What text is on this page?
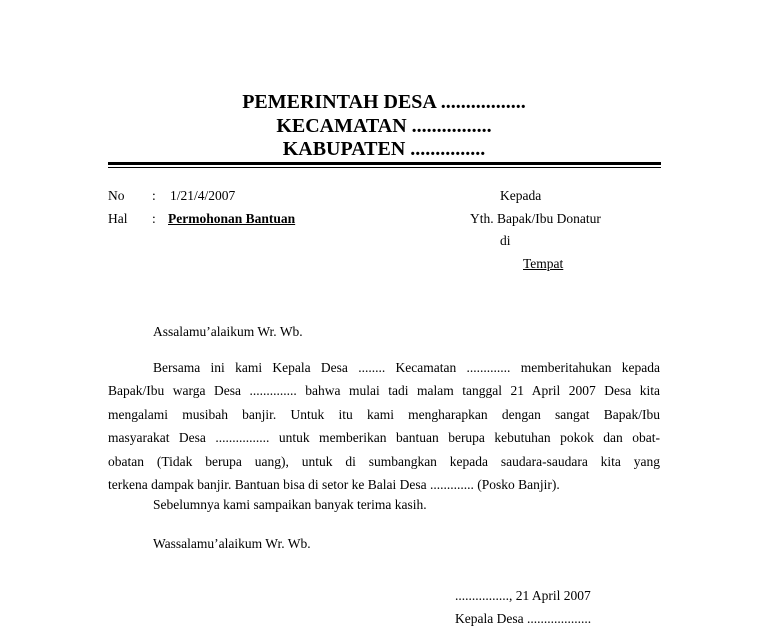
PEMERINTAH DESA .................
KECAMATAN ................
KABUPATEN ...............
No : 1/21/4/2007
Hal : Permohonan Bantuan
Kepada
Yth. Bapak/Ibu Donatur
di
Tempat
Assalamu’alaikum Wr. Wb.
Bersama ini kami Kepala Desa ........ Kecamatan ............. memberitahukan kepada
Bapak/Ibu warga Desa .............. bahwa mulai tadi malam tanggal 21 April 2007 Desa kita
mengalami musibah banjir. Untuk itu kami mengharapkan dengan sangat Bapak/Ibu
masyarakat Desa ................ untuk memberikan bantuan berupa kebutuhan pokok dan obat-
obatan (Tidak berupa uang), untuk di sumbangkan kepada saudara-saudara kita yang
terkena dampak banjir. Bantuan bisa di setor ke Balai Desa ............. (Posko Banjir).
Sebelumnya kami sampaikan banyak terima kasih.
Wassalamu’alaikum Wr. Wb.
................, 21 April 2007
Kepala Desa ...................
